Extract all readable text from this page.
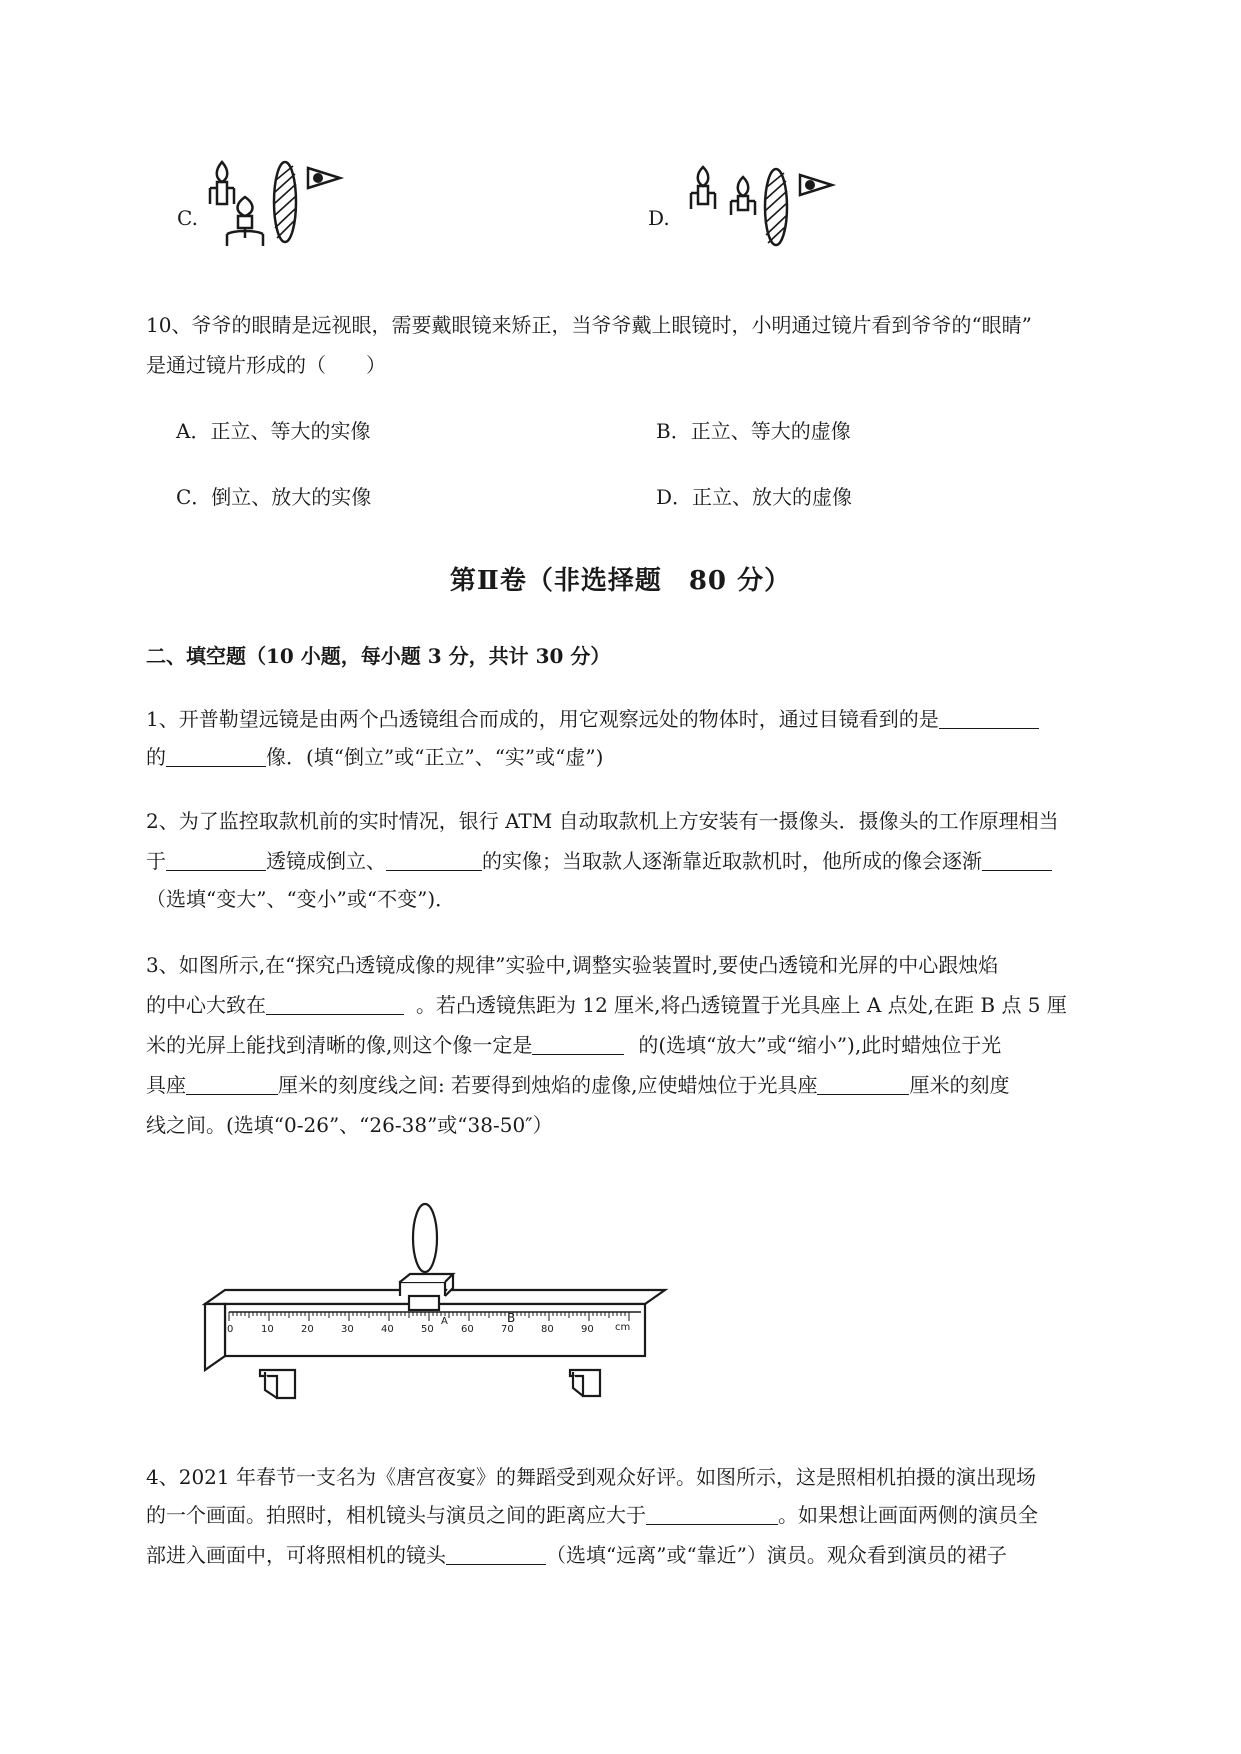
C.	D.
10、爷爷的眼睛是远视眼，需要戴眼镜来矫正，当爷爷戴上眼镜时，小明通过镜片看到爷爷的“眼睛”
是通过镜片形成的（　　）
A．正立、等大的实像	B．正立、等大的虚像
C．倒立、放大的实像	D．正立、放大的虚像
第Ⅱ卷（非选择题　80 分）
二、填空题（10 小题，每小题 3 分，共计 30 分）
1、开普勒望远镜是由两个凸透镜组合而成的，用它观察远处的物体时，通过目镜看到的是
的	像．(填“倒立”或“正立”、“实”或“虚”)
2、为了监控取款机前的实时情况，银行 ATM 自动取款机上方安装有一摄像头．摄像头的工作原理相当
于	透镜成倒立、	的实像；当取款人逐渐靠近取款机时，他所成的像会逐渐
（选填“变大”、“变小”或“不变”)．
3、如图所示,在“探究凸透镜成像的规律”实验中,调整实验装置时,要使凸透镜和光屏的中心跟烛焰
的中心大致在	。若凸透镜焦距为 12 厘米,将凸透镜置于光具座上 A 点处,在距 B 点 5 厘
米的光屏上能找到清晰的像,则这个像一定是	的(选填“放大”或“缩小”),此时蜡烛位于光
具座	厘米的刻度线之间: 若要得到烛焰的虚像,应使蜡烛位于光具座	厘米的刻度
线之间。(选填“0-26”、“26-38”或“38-50″）
0	10	20	30	40	50	60	70	80	90 cm
A	B
4、2021 年春节一支名为《唐宫夜宴》的舞蹈受到观众好评。如图所示，这是照相机拍摄的演出现场
的一个画面。拍照时，相机镜头与演员之间的距离应大于	。如果想让画面两侧的演员全
部进入画面中，可将照相机的镜头	（选填“远离”或“靠近”）演员。观众看到演员的裙子
